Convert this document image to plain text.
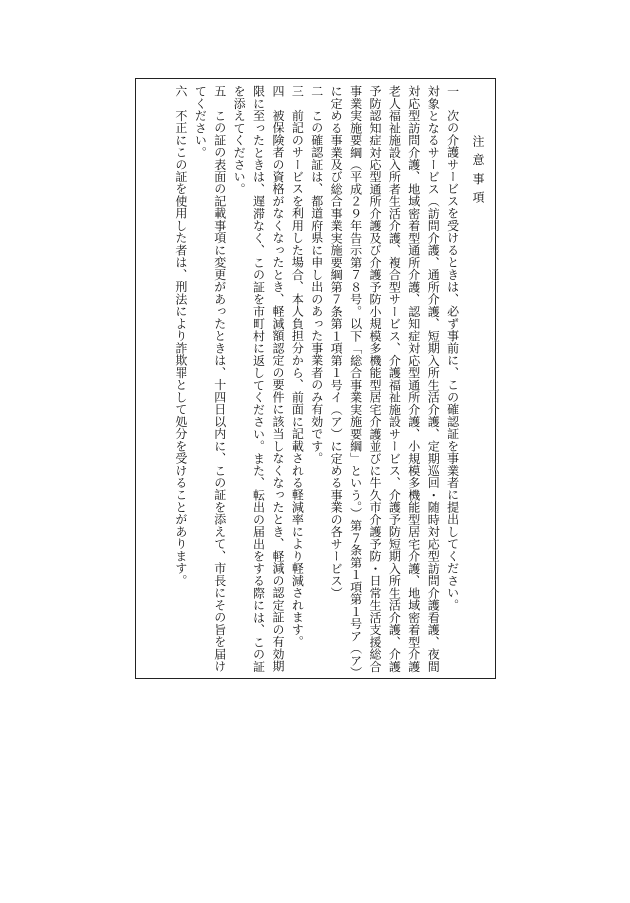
注意事項

一　次の介護サービスを受けるときは、必ず事前に、この確認証を事業者に提出してください。

対象となるサービス（訪問介護、通所介護、短期入所生活介護、定期巡回・随時対応型訪問介護看護、夜間対応型訪問介護、地域密着型通所介護、認知症対応型通所介護、小規模多機能型居宅介護、地域密着型介護老人福祉施設入所者生活介護、複合型サービス、介護福祉施設サービス、介護予防短期入所生活介護、介護予防認知症対応型通所介護及び介護予防小規模多機能型居宅介護並びに牛久市介護予防・日常生活支援総合事業実施要綱（平成２９年告示第７８号。以下「総合事業実施要綱」という。）第７条第１項第１号ア（ア）に定める事業及び総合事業実施要綱第７条第１項第１号イ（ア）に定める事業の各サービス）

二　この確認証は、都道府県に申し出のあった事業者のみ有効です。

三　前記のサービスを利用した場合、本人負担分から、前面に記載される軽減率により軽減されます。

四　被保険者の資格がなくなったとき、軽減額認定の要件に該当しなくなったとき、軽減の認定証の有効期限に至ったときは、遅滞なく、この証を市町村に返してください。また、転出の届出をする際には、この証を添えてください。

五　この証の表面の記載事項に変更があったときは、十四日以内に、この証を添えて、市長にその旨を届けてください。

六　不正にこの証を使用した者は、刑法により詐欺罪として処分を受けることがあります。
